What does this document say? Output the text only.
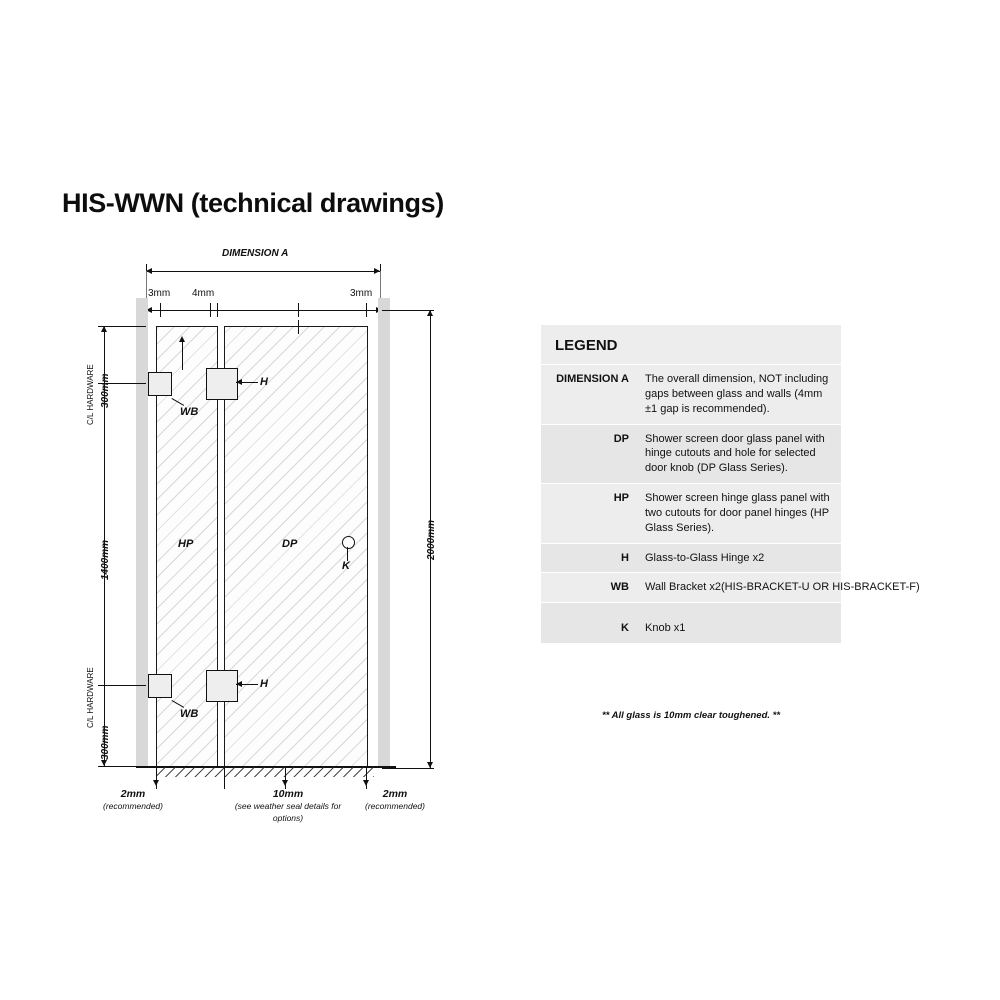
HIS-WWN (technical drawings)
DIMENSION A
3mm 4mm	3mm
HP	DP
K
H
WB
H
WB
300mm
C/L HARDWARE
1400mm
300mm
C/L HARDWARE
2000mm
2mm
(recommended)
10mm
(see weather seal details for options)
2mm
(recommended)
LEGEND
DIMENSION A	The overall dimension, NOT including gaps between glass and walls (4mm ±1 gap is recommended).
DP	Shower screen door glass panel with hinge cutouts and hole for selected door knob (DP Glass Series).
HP	Shower screen hinge glass panel with two cutouts for door panel hinges (HP Glass Series).
H	Glass-to-Glass Hinge x2
WB	Wall Bracket x2(HIS-BRACKET-U OR HIS-BRACKET-F)
K	Knob x1
** All glass is 10mm clear toughened. **
